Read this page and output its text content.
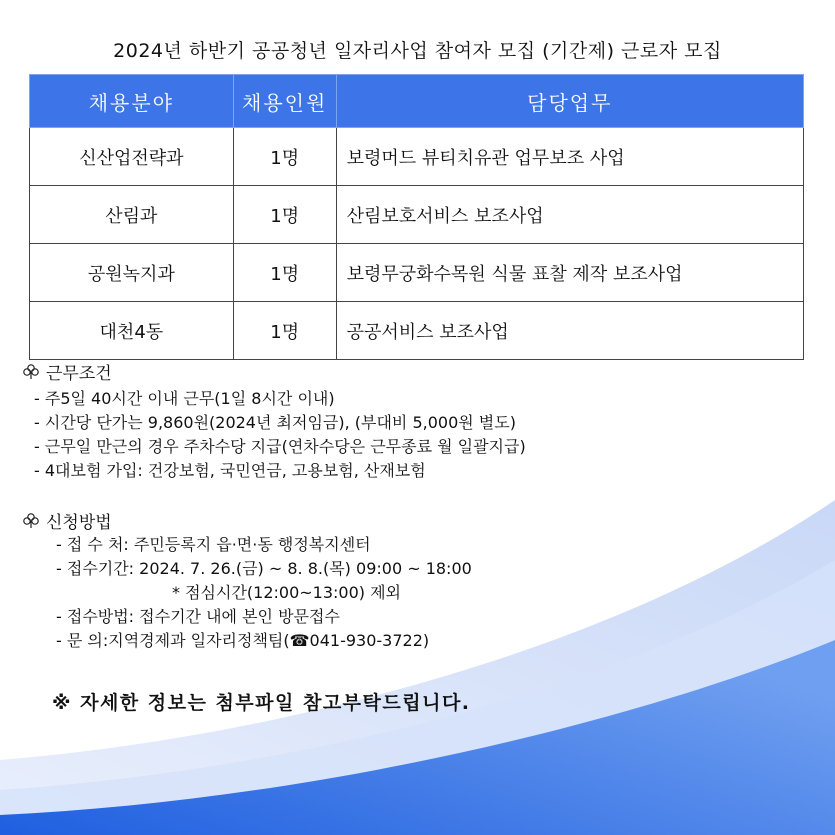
2024년 하반기 공공청년 일자리사업 참여자 모집 (기간제) 근로자 모집
채용분야	채용인원	담당업무
신산업전략과	1명	보령머드 뷰티치유관 업무보조 사업
산림과	1명	산림보호서비스 보조사업
공원녹지과	1명	보령무궁화수목원 식물 표찰 제작 보조사업
대천4동	1명	공공서비스 보조사업
근무조건
- 주5일 40시간 이내 근무(1일 8시간 이내)
- 시간당 단가는 9,860원(2024년 최저임금), (부대비 5,000원 별도)
- 근무일 만근의 경우 주차수당 지급(연차수당은 근무종료 월 일괄지급)
- 4대보험 가입: 건강보험, 국민연금, 고용보험, 산재보험
신청방법
- 접 수 처: 주민등록지 읍·면·동 행정복지센터
- 접수기간: 2024. 7. 26.(금) ~ 8. 8.(목) 09:00 ~ 18:00
* 점심시간(12:00~13:00) 제외
- 접수방법: 접수기간 내에 본인 방문접수
- 문 의:지역경제과 일자리정책팀(☎041-930-3722)
※ 자세한 정보는 첨부파일 참고부탁드립니다.
